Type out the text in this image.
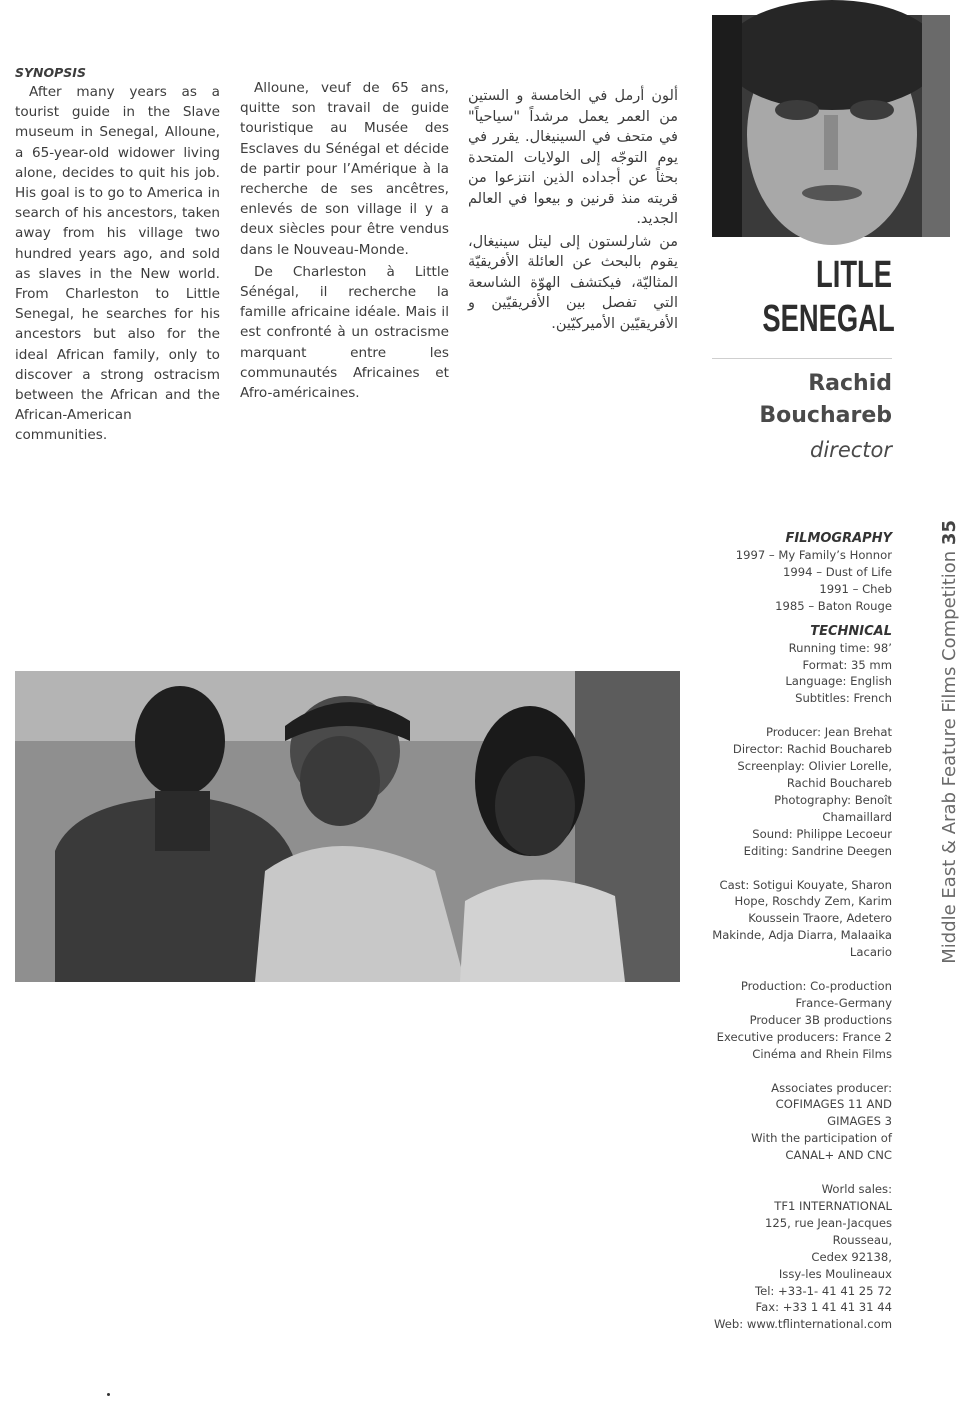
SYNOPSIS

After many years as a tourist guide in the Slave museum in Senegal, Alloune, a 65-year-old widower living alone, decides to quit his job. His goal is to go to America in search of his ancestors, taken away from his village two hundred years ago, and sold as slaves in the New world. From Charleston to Little Senegal, he searches for his ancestors but also for the ideal African family, only to discover a strong ostracism between the African and the African-American communities.

Alloune, veuf de 65 ans, quitte son travail de guide touristique au Musée des Esclaves du Sénégal et décide de partir pour l’Amérique à la recherche de ses ancêtres, enlevés de son village il y a deux siècles pour être vendus dans le Nouveau-Monde.

De Charleston à Little Sénégal, il recherche la famille africaine idéale. Mais il est confronté à un ostracisme marquant entre les communautés Africaines et Afro-américaines.

ألون أرمل في الخامسة و الستين من العمر يعمل مرشداً "سياحياً" في متحف في السينيغال. يقرر في يوم التوجّه إلى الولايات المتحدة بحثاً عن أجداده الذين انتزعوا من قريته منذ قرنين و بيعوا في العالم الجديد.

من شارلستون إلى ليتل سينيغال، يقوم بالبحث عن العائلة الأفريقيّة المثاليّة، فيكتشف الهوّة الشاسعة التي تفصل بين الأفريقيّين و الأفريقيّين الأميركيّين.

LITLE
SENEGAL
Rachid
Bouchareb
director
Middle East & Arab Feature Films Competition 35
FILMOGRAPHY
1997 – My Family’s Honnor
1994 – Dust of Life
1991 – Cheb
1985 – Baton Rouge
TECHNICAL
Running time: 98’
Format: 35 mm
Language: English
Subtitles: French
Producer: Jean Brehat
Director: Rachid Bouchareb
Screenplay: Olivier Lorelle,
Rachid Bouchareb
Photography: Benoît
Chamaillard
Sound: Philippe Lecoeur
Editing: Sandrine Deegen
Cast: Sotigui Kouyate, Sharon
Hope, Roschdy Zem, Karim
Koussein Traore, Adetero
Makinde, Adja Diarra, Malaaika
Lacario
Production: Co-production
France-Germany
Producer 3B productions
Executive producers: France 2
Cinéma and Rhein Films
Associates producer:
COFIMAGES 11 AND
GIMAGES 3
With the participation of
CANAL+ AND CNC
World sales:
TF1 INTERNATIONAL
125, rue Jean-Jacques
Rousseau,
Cedex 92138,
Issy-les Moulineaux
Tel: +33-1- 41 41 25 72
Fax: +33 1 41 41 31 44
Web: www.tflinternational.com
